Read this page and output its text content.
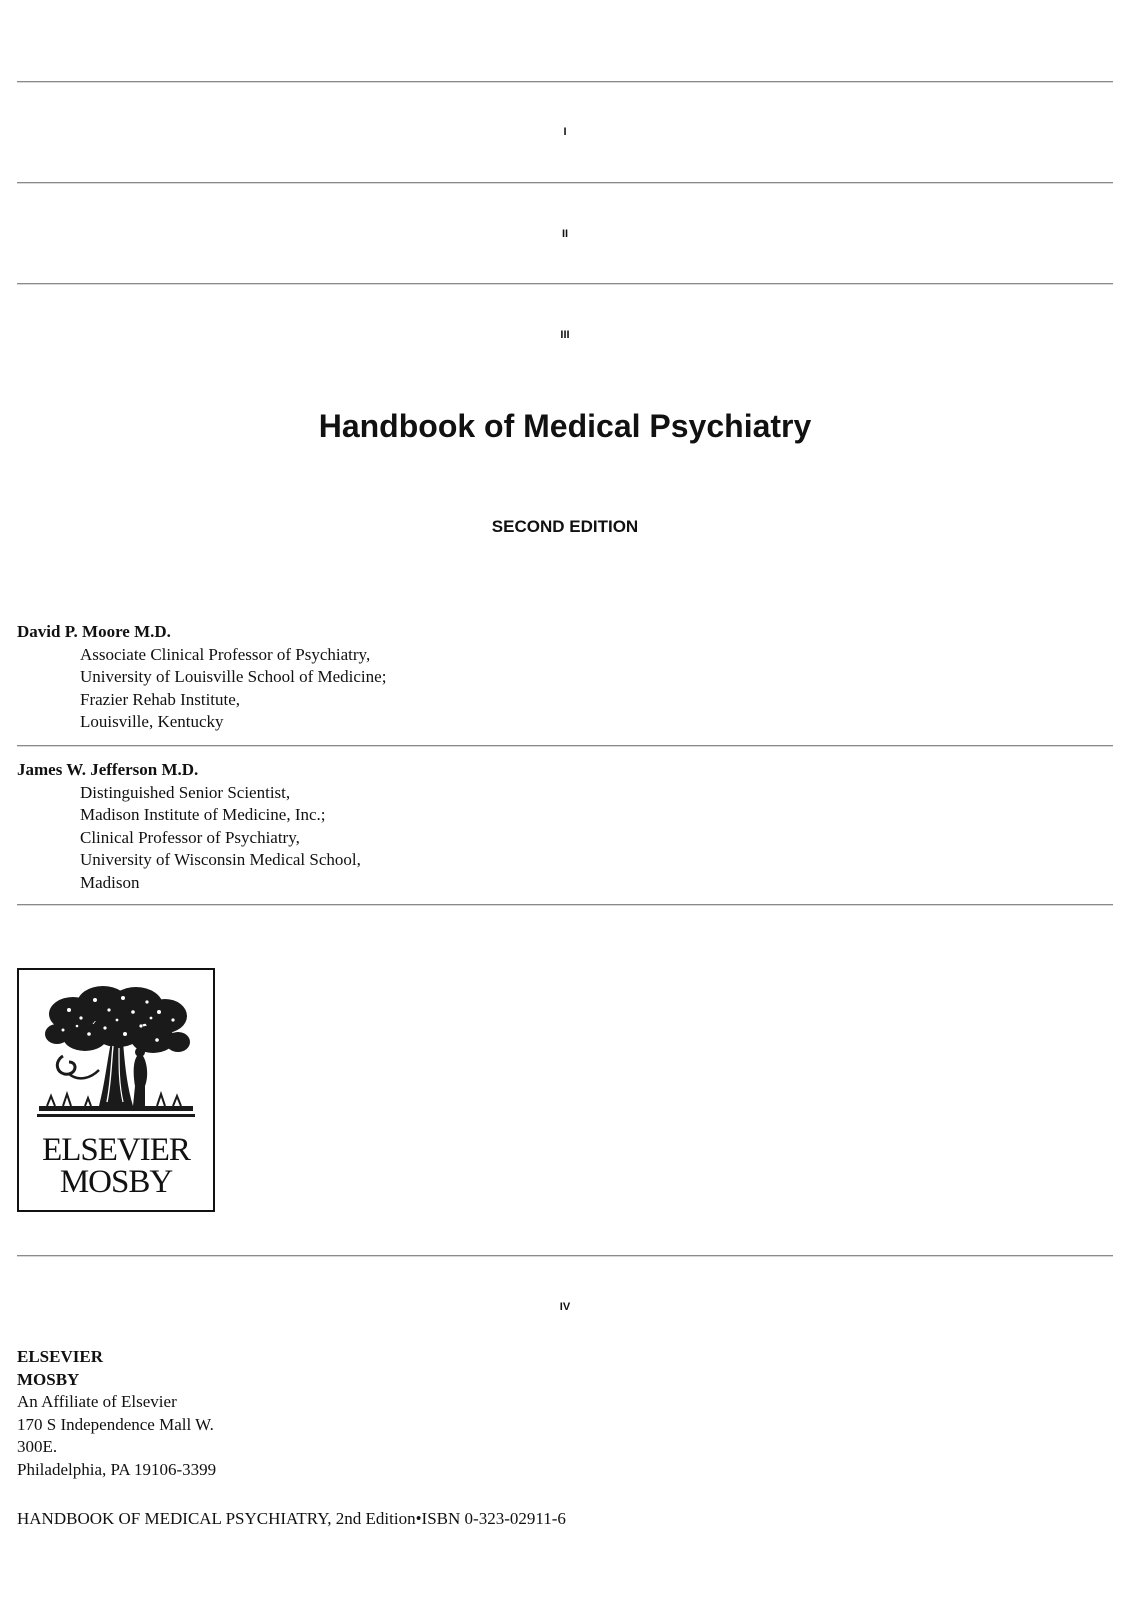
I
II
III
Handbook of Medical Psychiatry
SECOND EDITION
David P. Moore M.D.
Associate Clinical Professor of Psychiatry,
University of Louisville School of Medicine;
Frazier Rehab Institute,
Louisville, Kentucky
James W. Jefferson M.D.
Distinguished Senior Scientist,
Madison Institute of Medicine, Inc.;
Clinical Professor of Psychiatry,
University of Wisconsin Medical School,
Madison
ELSEVIER
MOSBY
IV
ELSEVIER
MOSBY
An Affiliate of Elsevier
170 S Independence Mall W.
300E.
Philadelphia, PA 19106-3399
HANDBOOK OF MEDICAL PSYCHIATRY, 2nd Edition•ISBN 0-323-02911-6
